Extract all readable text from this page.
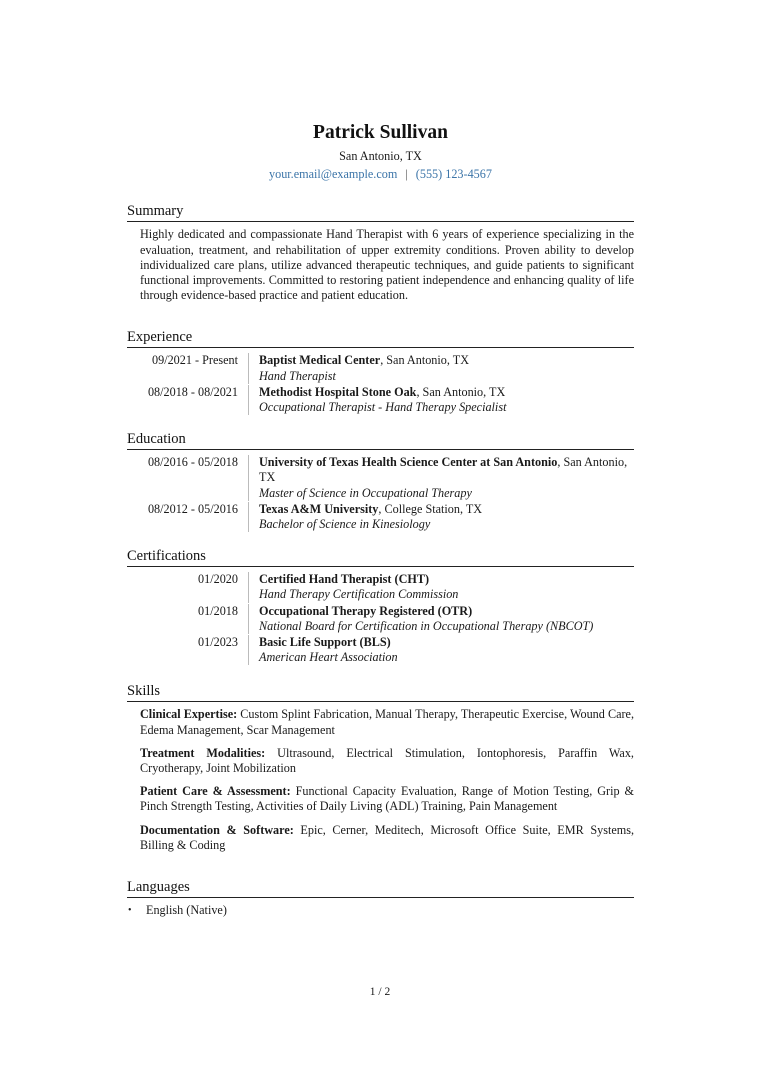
Patrick Sullivan
San Antonio, TX
your.email@example.com | (555) 123-4567
Summary
Highly dedicated and compassionate Hand Therapist with 6 years of experience specializing in the evaluation, treatment, and rehabilitation of upper extremity conditions. Proven ability to develop individualized care plans, utilize advanced therapeutic techniques, and guide patients to significant functional improvements. Committed to restoring patient independence and enhancing quality of life through evidence-based practice and patient education.
Experience
09/2021 - Present	Baptist Medical Center, San Antonio, TX
Hand Therapist
08/2018 - 08/2021	Methodist Hospital Stone Oak, San Antonio, TX
Occupational Therapist - Hand Therapy Specialist
Education
08/2016 - 05/2018	University of Texas Health Science Center at San Antonio, San Antonio, TX
Master of Science in Occupational Therapy
08/2012 - 05/2016	Texas A&M University, College Station, TX
Bachelor of Science in Kinesiology
Certifications
01/2020	Certified Hand Therapist (CHT)
Hand Therapy Certification Commission
01/2018	Occupational Therapy Registered (OTR)
National Board for Certification in Occupational Therapy (NBCOT)
01/2023	Basic Life Support (BLS)
American Heart Association
Skills
Clinical Expertise: Custom Splint Fabrication, Manual Therapy, Therapeutic Exercise, Wound Care, Edema Management, Scar Management
Treatment Modalities: Ultrasound, Electrical Stimulation, Iontophoresis, Paraffin Wax, Cryotherapy, Joint Mobilization
Patient Care & Assessment: Functional Capacity Evaluation, Range of Motion Testing, Grip & Pinch Strength Testing, Activities of Daily Living (ADL) Training, Pain Management
Documentation & Software: Epic, Cerner, Meditech, Microsoft Office Suite, EMR Systems, Billing & Coding
Languages
• English (Native)
1 / 2
